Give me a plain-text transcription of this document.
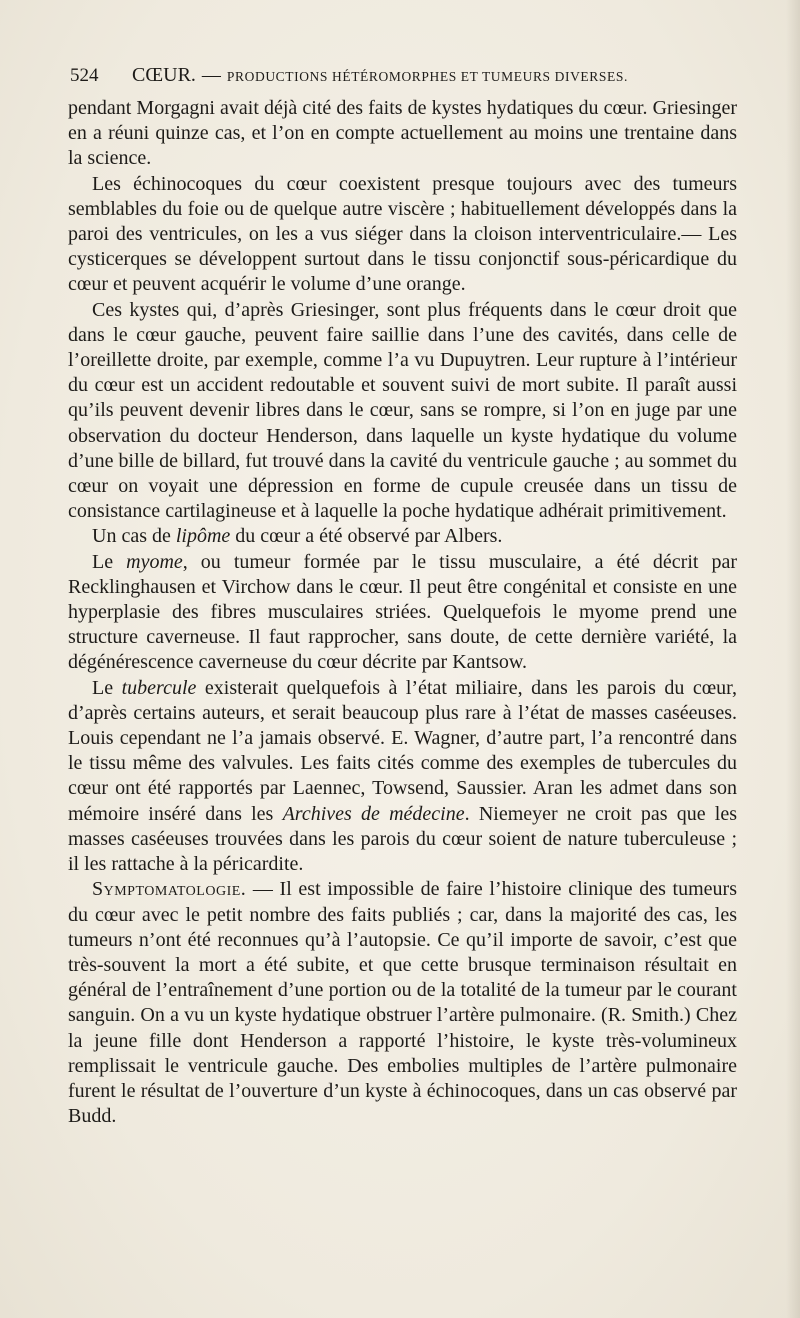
524 CŒUR. — PRODUCTIONS HÉTÉROMORPHES ET TUMEURS DIVERSES.

pendant Morgagni avait déjà cité des faits de kystes hydatiques du cœur. Griesinger en a réuni quinze cas, et l’on en compte actuellement au moins une trentaine dans la science.

Les échinocoques du cœur coexistent presque toujours avec des tumeurs semblables du foie ou de quelque autre viscère ; habituellement développés dans la paroi des ventricules, on les a vus siéger dans la cloison interventriculaire.— Les cysticerques se développent surtout dans le tissu conjonctif sous-péricardique du cœur et peuvent acquérir le volume d’une orange.

Ces kystes qui, d’après Griesinger, sont plus fréquents dans le cœur droit que dans le cœur gauche, peuvent faire saillie dans l’une des cavités, dans celle de l’oreillette droite, par exemple, comme l’a vu Dupuytren. Leur rupture à l’intérieur du cœur est un accident redoutable et souvent suivi de mort subite. Il paraît aussi qu’ils peuvent devenir libres dans le cœur, sans se rompre, si l’on en juge par une observation du docteur Henderson, dans laquelle un kyste hydatique du volume d’une bille de billard, fut trouvé dans la cavité du ventricule gauche ; au sommet du cœur on voyait une dépression en forme de cupule creusée dans un tissu de consistance cartilagineuse et à laquelle la poche hydatique adhérait primitivement.

Un cas de lipôme du cœur a été observé par Albers.

Le myome, ou tumeur formée par le tissu musculaire, a été décrit par Recklinghausen et Virchow dans le cœur. Il peut être congénital et consiste en une hyperplasie des fibres musculaires striées. Quelquefois le myome prend une structure caverneuse. Il faut rapprocher, sans doute, de cette dernière variété, la dégénérescence caverneuse du cœur décrite par Kantsow.

Le tubercule existerait quelquefois à l’état miliaire, dans les parois du cœur, d’après certains auteurs, et serait beaucoup plus rare à l’état de masses caséeuses. Louis cependant ne l’a jamais observé. E. Wagner, d’autre part, l’a rencontré dans le tissu même des valvules. Les faits cités comme des exemples de tubercules du cœur ont été rapportés par Laennec, Towsend, Saussier. Aran les admet dans son mémoire inséré dans les Archives de médecine. Niemeyer ne croit pas que les masses caséeuses trouvées dans les parois du cœur soient de nature tuberculeuse ; il les rattache à la péricardite.

Symptomatologie. — Il est impossible de faire l’histoire clinique des tumeurs du cœur avec le petit nombre des faits publiés ; car, dans la majorité des cas, les tumeurs n’ont été reconnues qu’à l’autopsie. Ce qu’il importe de savoir, c’est que très-souvent la mort a été subite, et que cette brusque terminaison résultait en général de l’entraînement d’une portion ou de la totalité de la tumeur par le courant sanguin. On a vu un kyste hydatique obstruer l’artère pulmonaire. (R. Smith.) Chez la jeune fille dont Henderson a rapporté l’histoire, le kyste très-volumineux remplissait le ventricule gauche. Des embolies multiples de l’artère pulmonaire furent le résultat de l’ouverture d’un kyste à échinocoques, dans un cas observé par Budd.
